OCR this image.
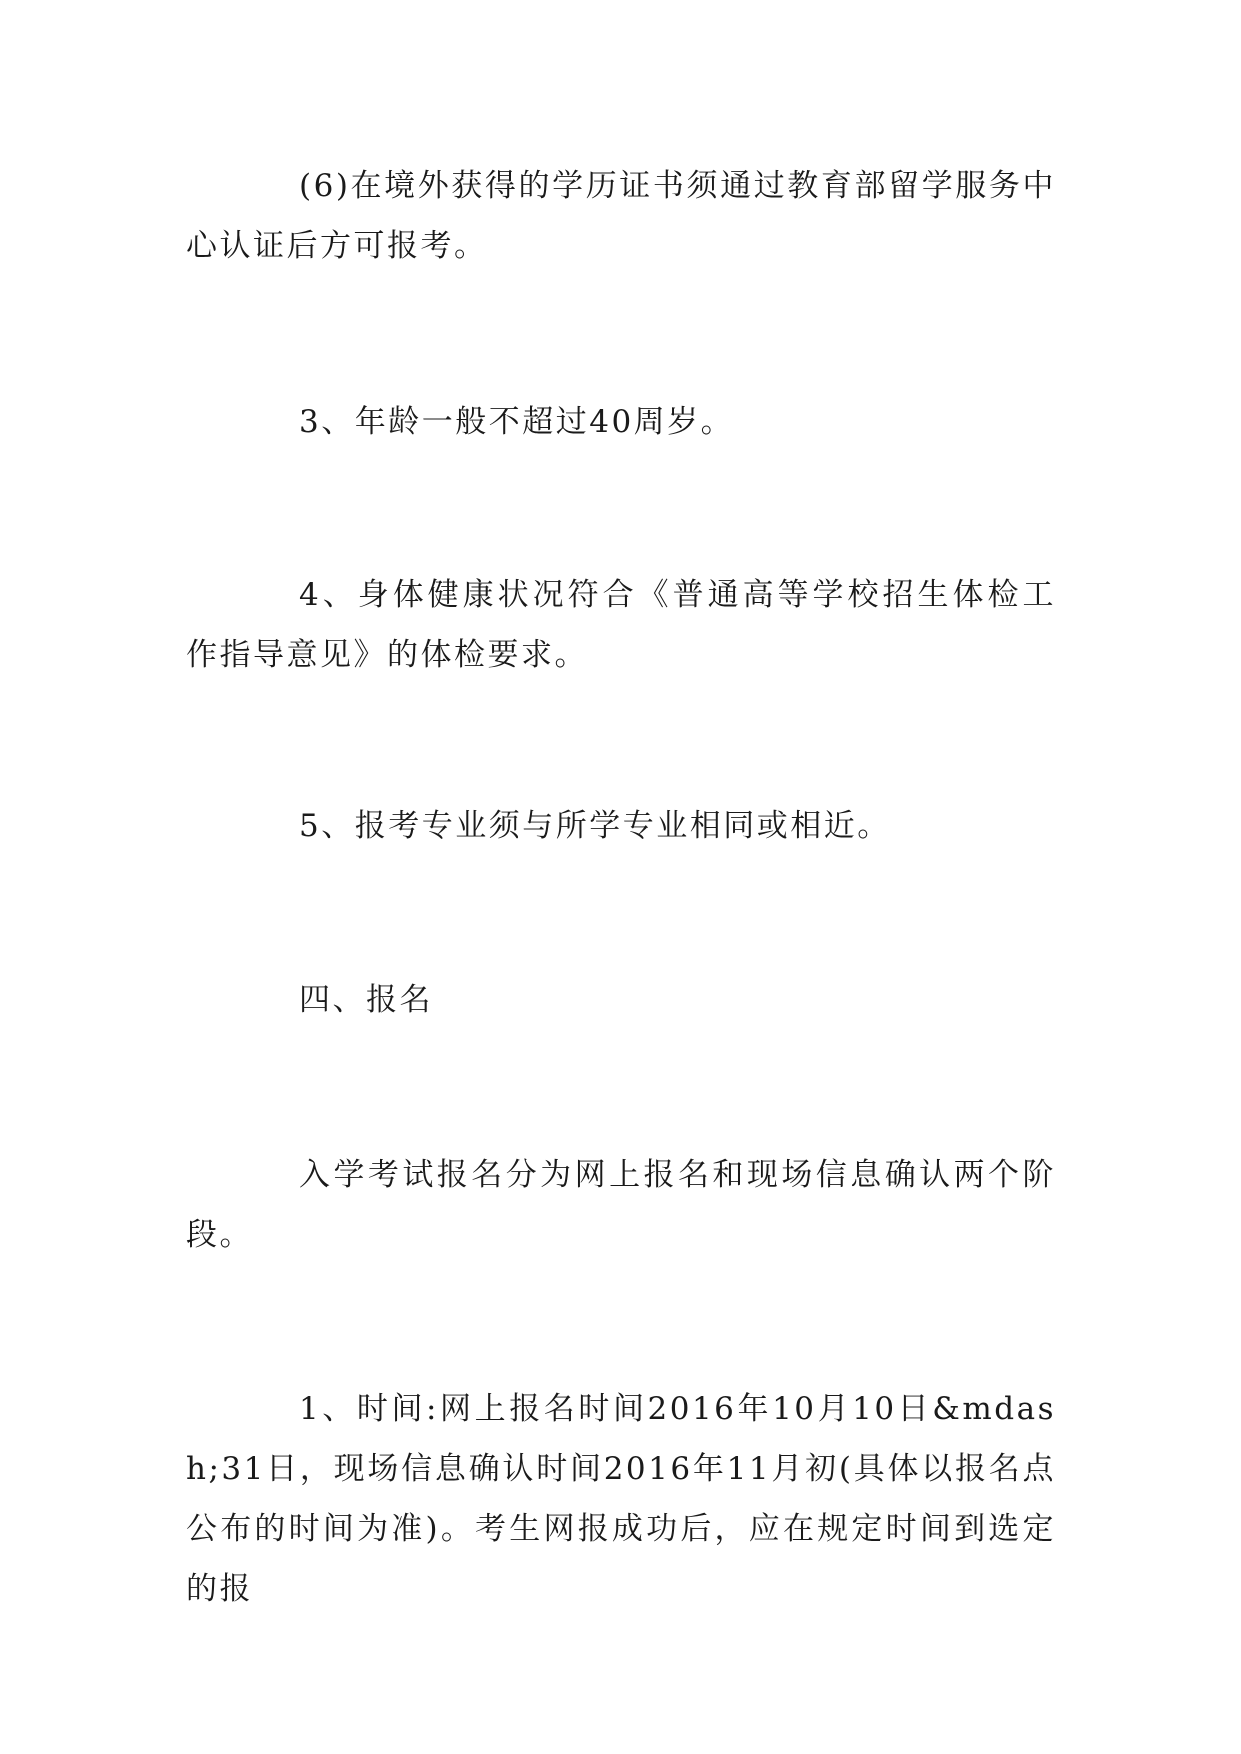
(6)在境外获得的学历证书须通过教育部留学服务中心认证后方可报考。

3、年龄一般不超过40周岁。

4、身体健康状况符合《普通高等学校招生体检工作指导意见》的体检要求。

5、报考专业须与所学专业相同或相近。

四、报名

入学考试报名分为网上报名和现场信息确认两个阶段。

1、时间:网上报名时间2016年10月10日&mdash;31日，现场信息确认时间2016年11月初(具体以报名点公布的时间为准)。考生网报成功后，应在规定时间到选定的报
